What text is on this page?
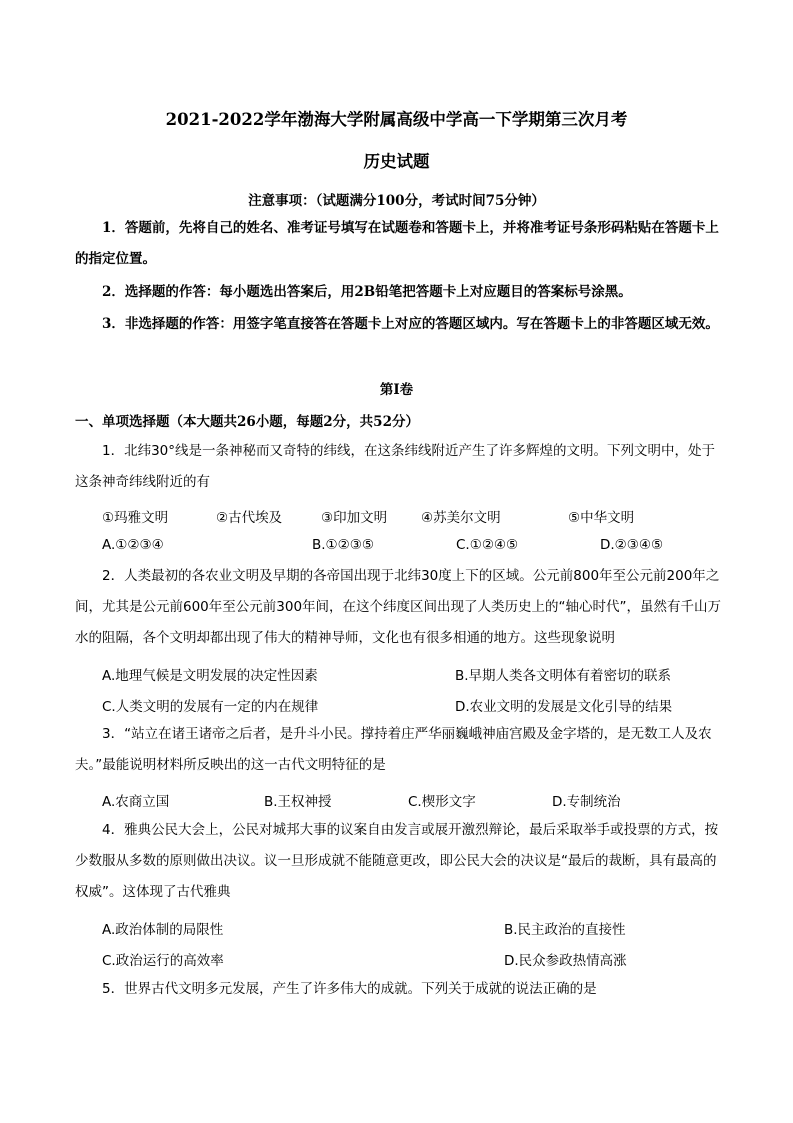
2021-2022学年渤海大学附属高级中学高一下学期第三次月考
历史试题
注意事项：（试题满分100分，考试时间75分钟）
1．答题前，先将自己的姓名、准考证号填写在试题卷和答题卡上，并将准考证号条形码粘贴在答题卡上的指定位置。
2．选择题的作答：每小题选出答案后，用2B铅笔把答题卡上对应题目的答案标号涂黑。
3．非选择题的作答：用签字笔直接答在答题卡上对应的答题区域内。写在答题卡上的非答题区域无效。
第Ⅰ卷
一、单项选择题（本大题共26小题，每题2分，共52分）
1．北纬30°线是一条神秘而又奇特的纬线，在这条纬线附近产生了许多辉煌的文明。下列文明中，处于这条神奇纬线附近的有
①玛雅文明	②古代埃及	③印加文明	④苏美尔文明	⑤中华文明
A.①②③④	B.①②③⑤	C.①②④⑤	D.②③④⑤
2．人类最初的各农业文明及早期的各帝国出现于北纬30度上下的区域。公元前800年至公元前200年之间，尤其是公元前600年至公元前300年间，在这个纬度区间出现了人类历史上的“轴心时代”，虽然有千山万水的阻隔，各个文明却都出现了伟大的精神导师，文化也有很多相通的地方。这些现象说明
A.地理气候是文明发展的决定性因素	B.早期人类各文明体有着密切的联系
C.人类文明的发展有一定的内在规律	D.农业文明的发展是文化引导的结果
3．“站立在诸王诸帝之后者，是升斗小民。撑持着庄严华丽巍峨神庙宫殿及金字塔的，是无数工人及农夫。”最能说明材料所反映出的这一古代文明特征的是
A.农商立国	B.王权神授	C.楔形文字	D.专制统治
4．雅典公民大会上，公民对城邦大事的议案自由发言或展开激烈辩论，最后采取举手或投票的方式，按少数服从多数的原则做出决议。议一旦形成就不能随意更改，即公民大会的决议是“最后的裁断，具有最高的权威”。这体现了古代雅典
A.政治体制的局限性	B.民主政治的直接性
C.政治运行的高效率	D.民众参政热情高涨
5．世界古代文明多元发展，产生了许多伟大的成就。下列关于成就的说法正确的是
